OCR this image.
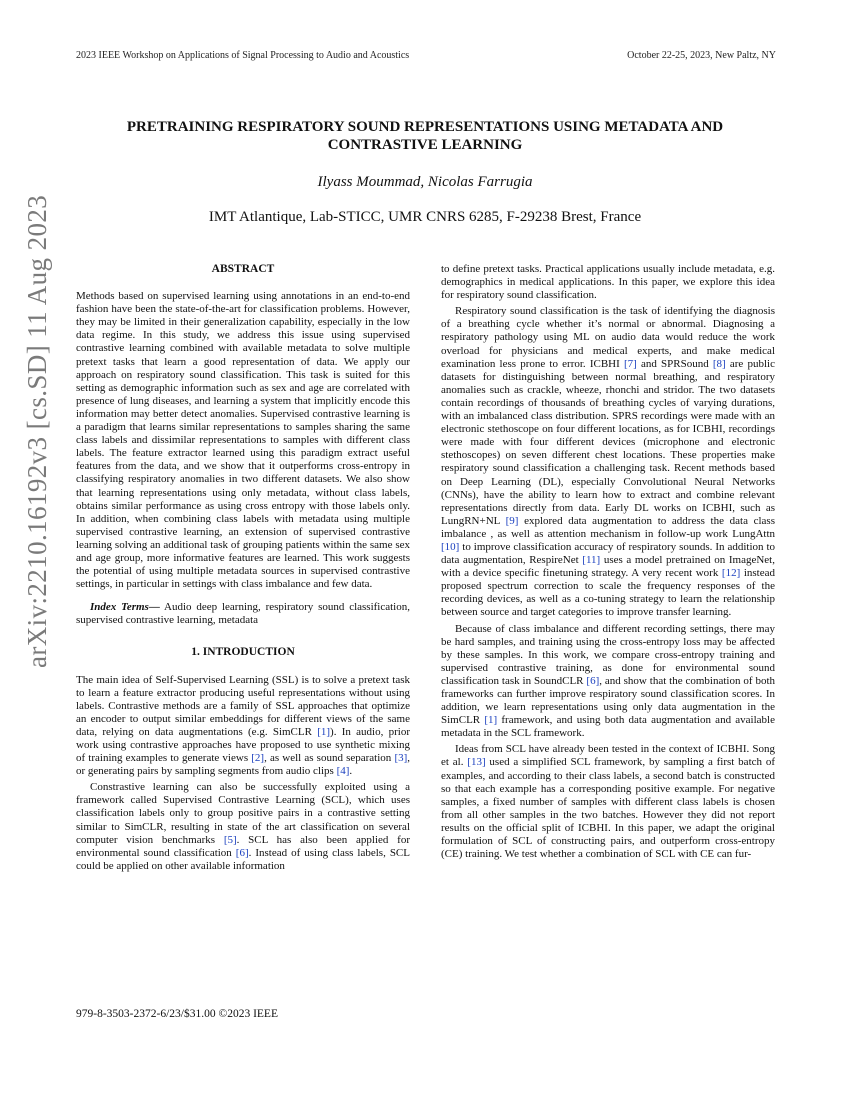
2023 IEEE Workshop on Applications of Signal Processing to Audio and Acoustics	October 22-25, 2023, New Paltz, NY
arXiv:2210.16192v3 [cs.SD] 11 Aug 2023
PRETRAINING RESPIRATORY SOUND REPRESENTATIONS USING METADATA AND CONTRASTIVE LEARNING
Ilyass Moummad, Nicolas Farrugia
IMT Atlantique, Lab-STICC, UMR CNRS 6285, F-29238 Brest, France
ABSTRACT

Methods based on supervised learning using annotations in an end-to-end fashion have been the state-of-the-art for classification problems. However, they may be limited in their generalization capability, especially in the low data regime. In this study, we address this issue using supervised contrastive learning combined with available metadata to solve multiple pretext tasks that learn a good representation of data. We apply our approach on respiratory sound classification. This task is suited for this setting as demographic information such as sex and age are correlated with presence of lung diseases, and learning a system that implicitly encode this information may better detect anomalies. Supervised contrastive learning is a paradigm that learns similar representations to samples sharing the same class labels and dissimilar representations to samples with different class labels. The feature extractor learned using this paradigm extract useful features from the data, and we show that it outperforms cross-entropy in classifying respiratory anomalies in two different datasets. We also show that learning representations using only metadata, without class labels, obtains similar performance as using cross entropy with those labels only. In addition, when combining class labels with metadata using multiple supervised contrastive learning, an extension of supervised contrastive learning solving an additional task of grouping patients within the same sex and age group, more informative features are learned. This work suggests the potential of using multiple metadata sources in supervised contrastive settings, in particular in settings with class imbalance and few data.

Index Terms— Audio deep learning, respiratory sound classification, supervised contrastive learning, metadata

1. INTRODUCTION

The main idea of Self-Supervised Learning (SSL) is to solve a pretext task to learn a feature extractor producing useful representations without using labels. Contrastive methods are a family of SSL approaches that optimize an encoder to output similar embeddings for different views of the same data, relying on data augmentations (e.g. SimCLR [1]). In audio, prior work using contrastive approaches have proposed to use synthetic mixing of training examples to generate views [2], as well as sound separation [3], or generating pairs by sampling segments from audio clips [4].

Constrastive learning can also be successfully exploited using a framework called Supervised Contrastive Learning (SCL), which uses classification labels only to group positive pairs in a contrastive setting similar to SimCLR, resulting in state of the art classification on several computer vision benchmarks [5]. SCL has also been applied for environmental sound classification [6]. Instead of using class labels, SCL could be applied on other available information

to define pretext tasks. Practical applications usually include metadata, e.g. demographics in medical applications. In this paper, we explore this idea for respiratory sound classification.

Respiratory sound classification is the task of identifying the diagnosis of a breathing cycle whether it’s normal or abnormal. Diagnosing a respiratory pathology using ML on audio data would reduce the work overload for physicians and medical experts, and make medical examination less prone to error. ICBHI [7] and SPRSound [8] are public datasets for distinguishing between normal breathing, and respiratory anomalies such as crackle, wheeze, rhonchi and stridor. The two datasets contain recordings of thousands of breathing cycles of varying durations, with an imbalanced class distribution. SPRS recordings were made with an electronic stethoscope on four different locations, as for ICBHI, recordings were made with four different devices (microphone and electronic stethoscopes) on seven different chest locations. These properties make respiratory sound classification a challenging task. Recent methods based on Deep Learning (DL), especially Convolutional Neural Networks (CNNs), have the ability to learn how to extract and combine relevant representations directly from data. Early DL works on ICBHI, such as LungRN+NL [9] explored data augmentation to address the data class imbalance , as well as attention mechanism in follow-up work LungAttn [10] to improve classification accuracy of respiratory sounds. In addition to data augmentation, RespireNet [11] uses a model pretrained on ImageNet, with a device specific finetuning strategy. A very recent work [12] instead proposed spectrum correction to scale the frequency responses of the recording devices, as well as a co-tuning strategy to learn the relationship between source and target categories to improve transfer learning.

Because of class imbalance and different recording settings, there may be hard samples, and training using the cross-entropy loss may be affected by these samples. In this work, we compare cross-entropy training and supervised contrastive training, as done for environmental sound classification task in SoundCLR [6], and show that the combination of both frameworks can further improve respiratory sound classification scores. In addition, we learn representations using only data augmentation in the SimCLR [1] framework, and using both data augmentation and available metadata in the SCL framework.

Ideas from SCL have already been tested in the context of ICBHI. Song et al. [13] used a simplified SCL framework, by sampling a first batch of examples, and according to their class labels, a second batch is constructed so that each example has a corresponding positive example. For negative samples, a fixed number of samples with different class labels is chosen from all other samples in the two batches. However they did not report results on the official split of ICBHI. In this paper, we adapt the original formulation of SCL of constructing pairs, and outperform cross-entropy (CE) training. We test whether a combination of SCL with CE can fur-

979-8-3503-2372-6/23/$31.00 ©2023 IEEE
